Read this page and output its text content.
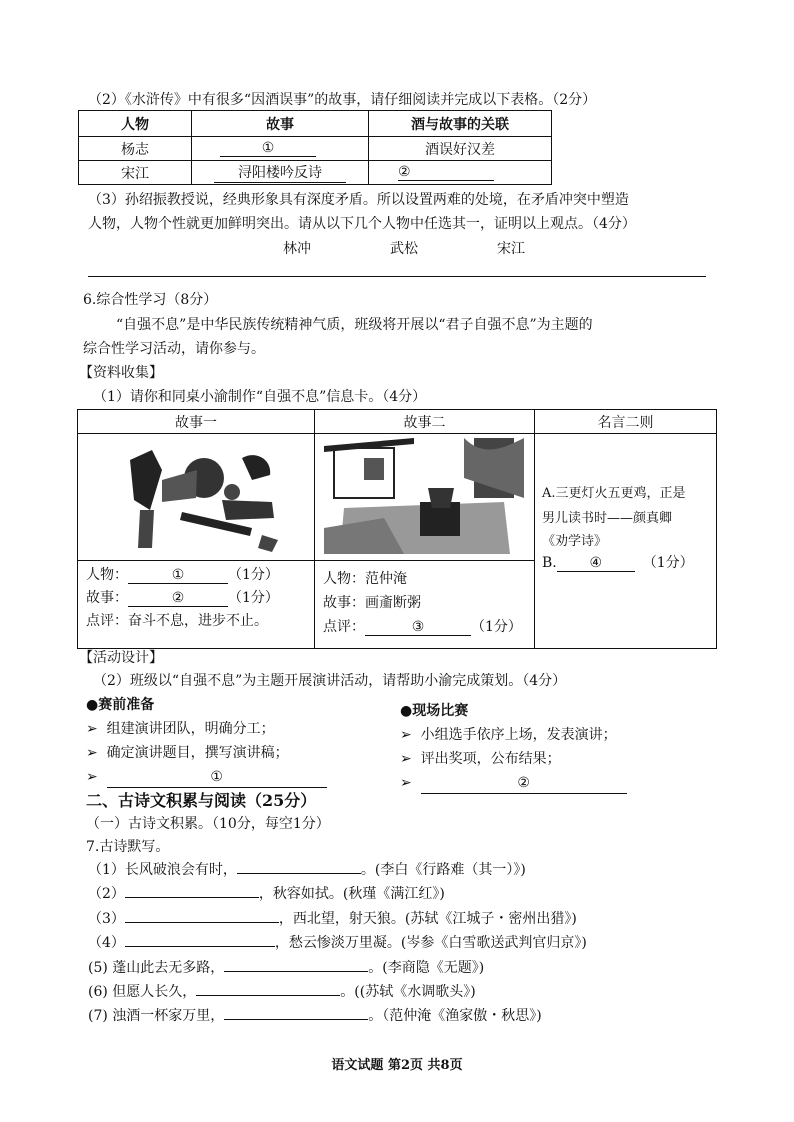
（2）《水浒传》中有很多“因酒误事”的故事，请仔细阅读并完成以下表格。（2分）
人物	故事	酒与故事的关联
杨志	①	酒误好汉差
宋江	浔阳楼吟反诗	②
（3）孙绍振教授说，经典形象具有深度矛盾。所以设置两难的处境，在矛盾冲突中塑造
人物，人物个性就更加鲜明突出。请从以下几个人物中任选其一，证明以上观点。（4分）
林冲	武松	宋江
6.综合性学习（8分）
“自强不息”是中华民族传统精神气质，班级将开展以“君子自强不息”为主题的
综合性学习活动，请你参与。
【资料收集】
（1）请你和同桌小渝制作“自强不息”信息卡。（4分）
故事一	故事二	名言二则
人物：	①	（1分）
故事：	②	（1分）
点评：奋斗不息，进步不止。
人物：范仲淹
故事：画齑断粥
点评：	③	（1分）
A.三更灯火五更鸡，正是
男儿读书时——颜真卿
《劝学诗》
B. ④	（1分）
【活动设计】
（2）班级以“自强不息”为主题开展演讲活动，请帮助小渝完成策划。（4分）
●赛前准备
➢ 组建演讲团队，明确分工；
➢ 确定演讲题目，撰写演讲稿；
➢	①
●现场比赛
➢ 小组选手依序上场，发表演讲；
➢ 评出奖项，公布结果；
➢	②
二、古诗文积累与阅读（25分）
（一）古诗文积累。（10分，每空1分）
7.古诗默写。
（1）长风破浪会有时，	。(李白《行路难（其一）》)
（2）	，秋容如拭。(秋瑾《满江红》)
（3）	，西北望，射天狼。(苏轼《江城子・密州出猎》)
（4）	，愁云惨淡万里凝。(岑参《白雪歌送武判官归京》)
(5) 蓬山此去无多路，	。(李商隐《无题》)
(6) 但愿人长久，	。((苏轼《水调歌头》)
(7) 浊酒一杯家万里，	。（范仲淹《渔家傲・秋思》)
语文试题 第2页 共8页
